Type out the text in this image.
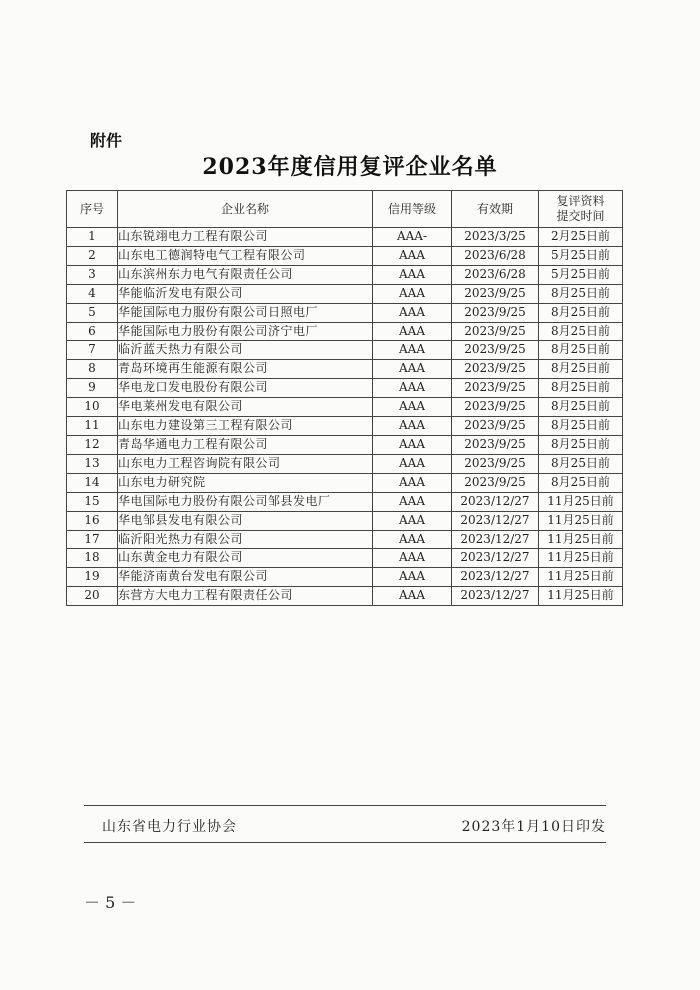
附件
2023年度信用复评企业名单
序号	企业名称	信用等级	有效期	复评资料
提交时间
1	山东锐翊电力工程有限公司	AAA-	2023/3/25	2月25日前
2	山东电工德润特电气工程有限公司	AAA	2023/6/28	5月25日前
3	山东滨州东力电气有限责任公司	AAA	2023/6/28	5月25日前
4	华能临沂发电有限公司	AAA	2023/9/25	8月25日前
5	华能国际电力服份有限公司日照电厂	AAA	2023/9/25	8月25日前
6	华能国际电力股份有限公司济宁电厂	AAA	2023/9/25	8月25日前
7	临沂蓝天热力有限公司	AAA	2023/9/25	8月25日前
8	青岛环境再生能源有限公司	AAA	2023/9/25	8月25日前
9	华电龙口发电股份有限公司	AAA	2023/9/25	8月25日前
10	华电莱州发电有限公司	AAA	2023/9/25	8月25日前
11	山东电力建设第三工程有限公司	AAA	2023/9/25	8月25日前
12	青岛华通电力工程有限公司	AAA	2023/9/25	8月25日前
13	山东电力工程咨询院有限公司	AAA	2023/9/25	8月25日前
14	山东电力研究院	AAA	2023/9/25	8月25日前
15	华电国际电力股份有限公司邹县发电厂	AAA	2023/12/27	11月25日前
16	华电邹县发电有限公司	AAA	2023/12/27	11月25日前
17	临沂阳光热力有限公司	AAA	2023/12/27	11月25日前
18	山东黄金电力有限公司	AAA	2023/12/27	11月25日前
19	华能济南黄台发电有限公司	AAA	2023/12/27	11月25日前
20	东营方大电力工程有限责任公司	AAA	2023/12/27	11月25日前
山东省电力行业协会	2023年1月10日印发
－ 5 －
